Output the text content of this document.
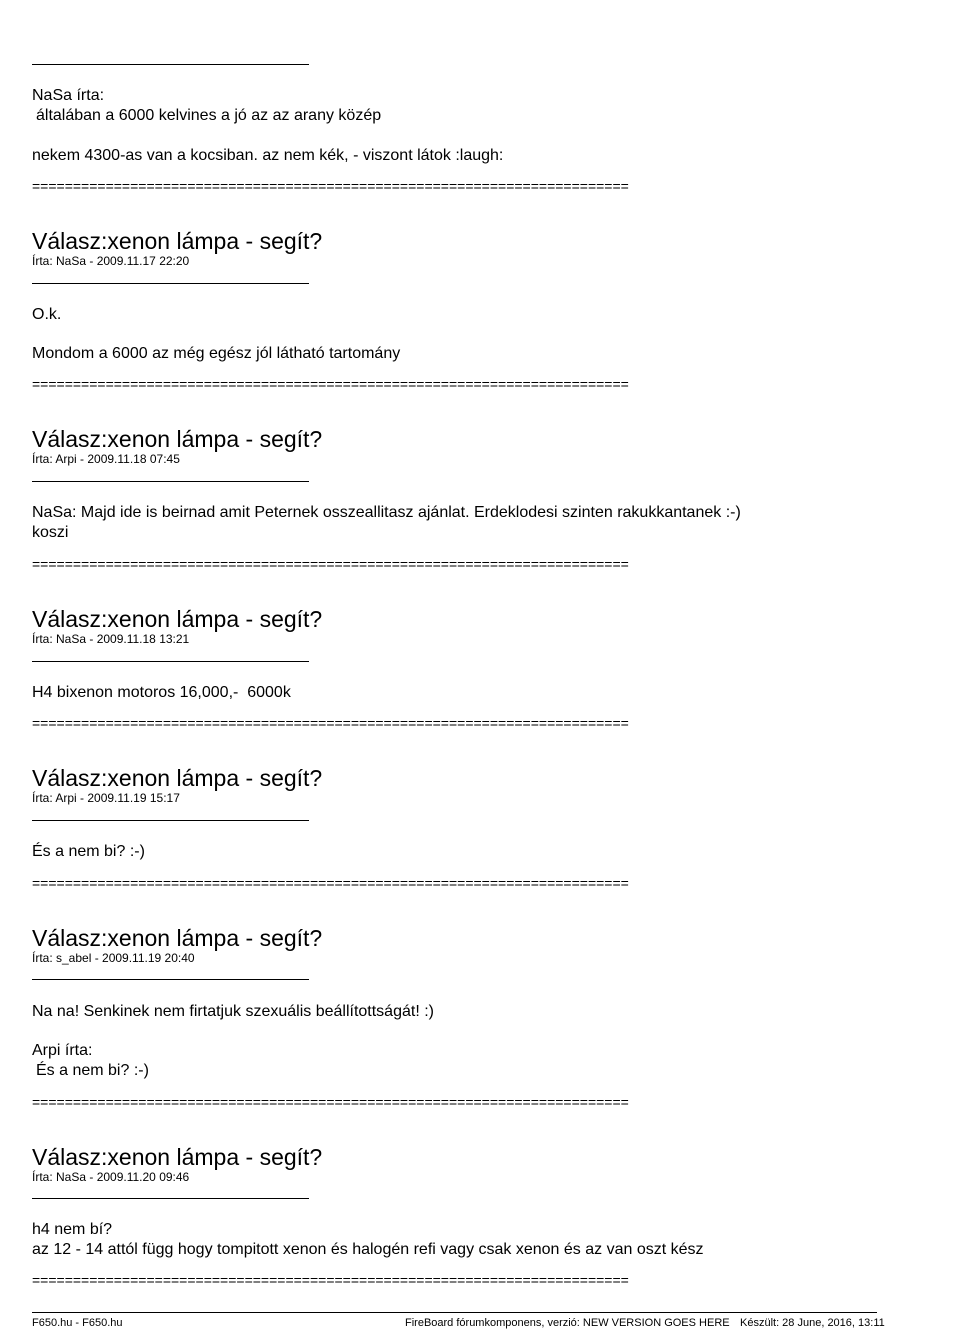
NaSa írta:
általában a 6000 kelvines a jó az az arany közép
nekem 4300-as van a kocsiban. az nem kék, - viszont látok :laugh:
=========================================================================
Válasz:xenon lámpa - segít?
Írta: NaSa - 2009.11.17 22:20
O.k.
Mondom a 6000 az még egész jól látható tartomány
=========================================================================
Válasz:xenon lámpa - segít?
Írta: Arpi - 2009.11.18 07:45
NaSa: Majd ide is beirnad amit Peternek osszeallitasz ajánlat. Erdeklodesi szinten rakukkantanek :-)
koszi
=========================================================================
Válasz:xenon lámpa - segít?
Írta: NaSa - 2009.11.18 13:21
H4 bixenon motoros 16,000,-  6000k
=========================================================================
Válasz:xenon lámpa - segít?
Írta: Arpi - 2009.11.19 15:17
És a nem bi? :-)
=========================================================================
Válasz:xenon lámpa - segít?
Írta: s_abel - 2009.11.19 20:40
Na na! Senkinek nem firtatjuk szexuális beállítottságát! :)
Arpi írta:
És a nem bi? :-)
=========================================================================
Válasz:xenon lámpa - segít?
Írta: NaSa - 2009.11.20 09:46
h4 nem bí?
az 12 - 14 attól függ hogy tompitott xenon és halogén refi vagy csak xenon és az van oszt kész
=========================================================================
F650.hu - F650.hu	FireBoard fórumkomponens, verzió: NEW VERSION GOES HERE Készült: 28 June, 2016, 13:11
